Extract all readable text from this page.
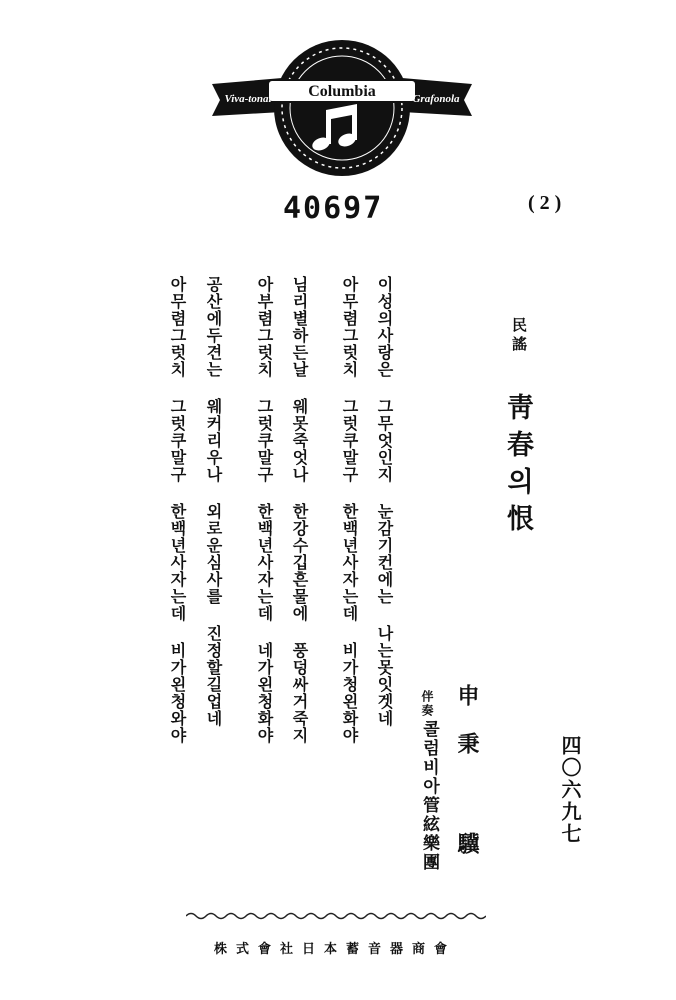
Columbia
Viva-tonal	Grafonola
40697	( 2 )
이성의사랑은 그무엇인지 눈감기컨에는 나는못잇겟네
아무렴그럿치 그럿쿠말구 한백년사자는데 비가청왼화야
님리별하든날 웨못죽엇나 한강수깁흔물에 풍덩싸거죽지
아부렴그럿치 그럿쿠말구 한백년사자는데 네가왼청화야
공산에두견는 웨커리우나 외로운심사를 진정할길업네
아무렴그럿치 그럿쿠말구 한백년사자는데 비가왼청와야	民謠
靑春의恨
申秉 驥
伴奏
콜럼비아管絃樂團	四〇六九七
株式會社日本蓄音器商會
